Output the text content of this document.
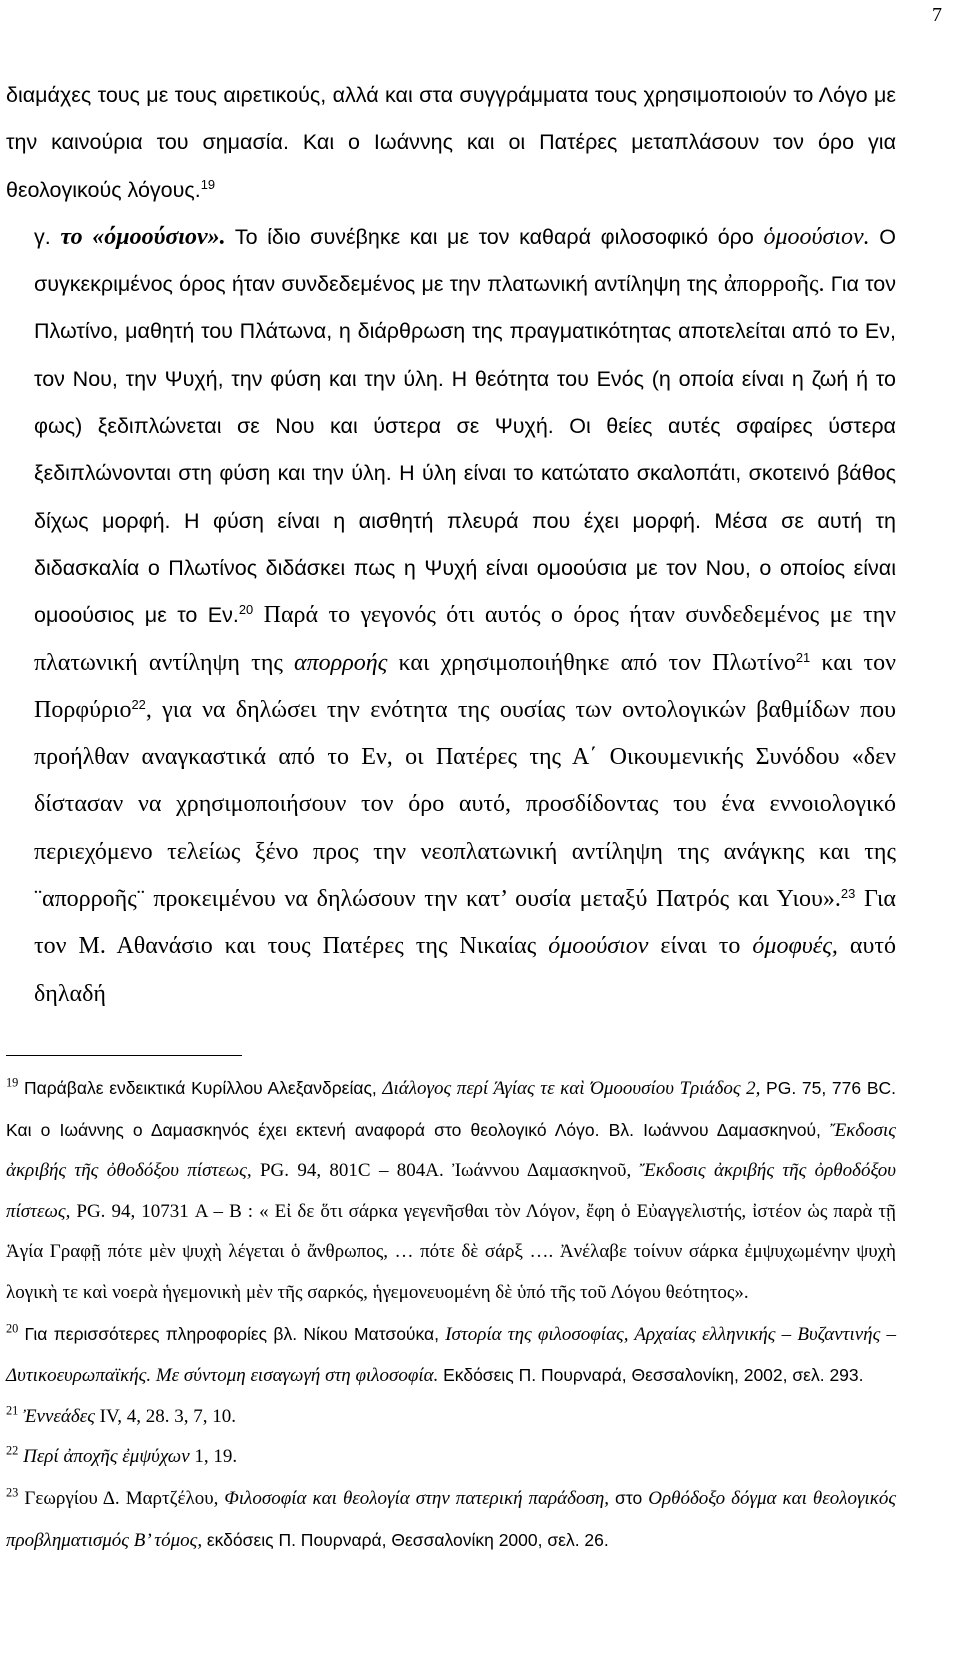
7

διαμάχες τους με τους αιρετικούς, αλλά και στα συγγράμματα τους χρησιμοποιούν το Λόγο με την καινούρια του σημασία. Και ο Ιωάννης και οι Πατέρες μεταπλάσουν τον όρο για θεολογικούς λόγους.$^{19}$

γ. το «όμοούσιον». Το ίδιο συνέβηκε και με τον καθαρά φιλοσοφικό όρο ὁμοούσιον. Ο συγκεκριμένος όρος ήταν συνδεδεμένος με την πλατωνική αντίληψη της ἀπορροῆς. Για τον Πλωτίνο, μαθητή του Πλάτωνα, η διάρθρωση της πραγματικότητας αποτελείται από το Εν, τον Νου, την Ψυχή, την φύση και την ύλη. Η θεότητα του Ενός (η οποία είναι η ζωή ή το φως) ξεδιπλώνεται σε Νου και ύστερα σε Ψυχή. Οι θείες αυτές σφαίρες ύστερα ξεδιπλώνονται στη φύση και την ύλη. Η ύλη είναι το κατώτατο σκαλοπάτι, σκοτεινό βάθος δίχως μορφή. Η φύση είναι η αισθητή πλευρά που έχει μορφή. Μέσα σε αυτή τη διδασκαλία ο Πλωτίνος διδάσκει πως η Ψυχή είναι ομοούσια με τον Νου, ο οποίος είναι ομοούσιος με το Εν.$^{20}$ Παρά το γεγονός ότι αυτός ο όρος ήταν συνδεδεμένος με την πλατωνική αντίληψη της απορροής και χρησιμοποιήθηκε από τον Πλωτίνο$^{21}$ και τον Πορφύριο$^{22}$, για να δηλώσει την ενότητα της ουσίας των οντολογικών βαθμίδων που προήλθαν αναγκαστικά από το Εν, οι Πατέρες της Α΄ Οικουμενικής Συνόδου «δεν δίστασαν να χρησιμοποιήσουν τον όρο αυτό, προσδίδοντας του ένα εννοιολογικό περιεχόμενο τελείως ξένο προς την νεοπλατωνική αντίληψη της ανάγκης και της ¨απορροῆς¨ προκειμένου να δηλώσουν την κατ’ ουσία μεταξύ Πατρός και Υιου».$^{23}$ Για τον Μ. Αθανάσιο και τους Πατέρες της Νικαίας όμοούσιον είναι το όμοφυές, αυτό δηλαδή

$^{19}$ Παράβαλε ενδεικτικά Κυρίλλου Αλεξανδρείας, Διάλογος περί Άγίας τε καὶ Όμοουσίου Τριάδος 2, PG. 75, 776 BC. Και ο Ιωάννης ο Δαμασκηνός έχει εκτενή αναφορά στο θεολογικό Λόγο. Βλ. Ιωάννου Δαμασκηνού, Ἔκδοσις ἀκριβής τῆς ὀθοδόξου πίστεως, PG. 94, 801C – 804A. Ἰωάννου Δαμασκηνοῦ, Ἔκδοσις ἀκριβής τῆς ὀρθοδόξου πίστεως, PG. 94, 10731 Α – Β : « Εἰ δε ὅτι σάρκα γεγενῆσθαι τὸν Λόγον, ἔφη ὁ Εὐαγγελιστής, ἰστέον ὡς παρὰ τῇ Ἁγία Γραφῇ πότε μὲν ψυχὴ λέγεται ὁ ἄνθρωπος, … πότε δὲ σάρξ …. Ἀνέλαβε τοίνυν σάρκα ἐμψυχωμένην ψυχὴ λογικὴ τε καὶ νοερὰ ἡγεμονικὴ μὲν τῆς σαρκός, ἡγεμονευομένη δὲ ὑπό τῆς τοῦ Λόγου θεότητος».

$^{20}$ Για περισσότερες πληροφορίες βλ. Νίκου Ματσούκα, Ιστορία της φιλοσοφίας, Αρχαίας ελληνικής – Βυζαντινής – Δυτικοευρωπαϊκής. Με σύντομη εισαγωγή στη φιλοσοφία. Εκδόσεις Π. Πουρναρά, Θεσσαλονίκη, 2002, σελ. 293.

$^{21}$ Ἐννεάδες IV, 4, 28. 3, 7, 10.

$^{22}$ Περί ἀποχῆς ἐμψύχων 1, 19.

$^{23}$ Γεωργίου Δ. Μαρτζέλου, Φιλοσοφία και θεολογία στην πατερική παράδοση, στο Ορθόδοξο δόγμα και θεολογικός προβληματισμός Β’ τόμος, εκδόσεις Π. Πουρναρά, Θεσσαλονίκη 2000, σελ. 26.
